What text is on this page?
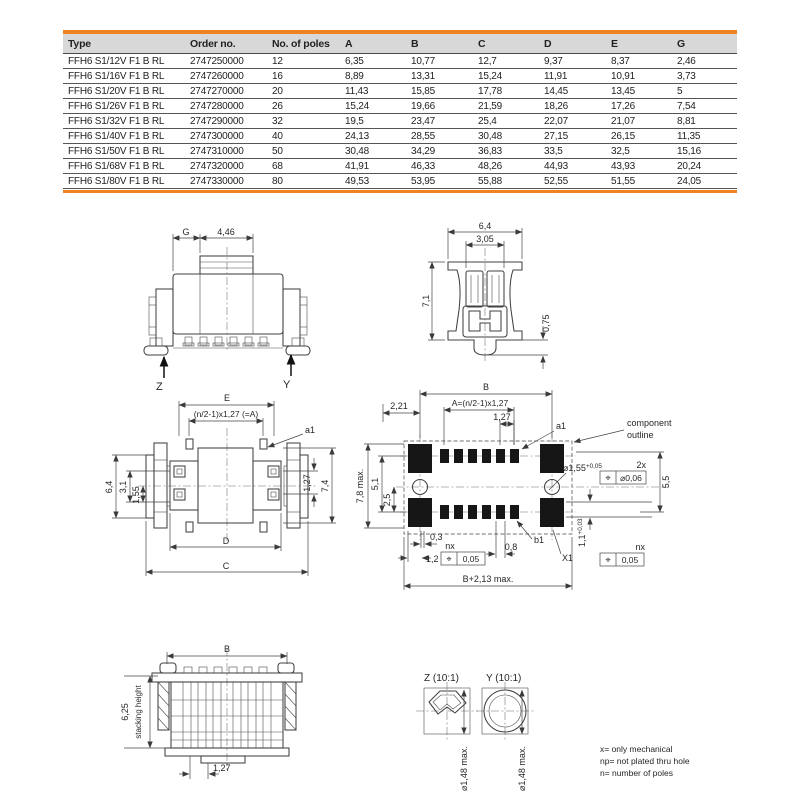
Type	Order no.	No. of poles	A	B	C	D	E	G
FFH6 S1/12V F1 B RL	2747250000	12	6,35	10,77	12,7	9,37	8,37	2,46
FFH6 S1/16V F1 B RL	2747260000	16	8,89	13,31	15,24	11,91	10,91	3,73
FFH6 S1/20V F1 B RL	2747270000	20	11,43	15,85	17,78	14,45	13,45	5
FFH6 S1/26V F1 B RL	2747280000	26	15,24	19,66	21,59	18,26	17,26	7,54
FFH6 S1/32V F1 B RL	2747290000	32	19,5	23,47	25,4	22,07	21,07	8,81
FFH6 S1/40V F1 B RL	2747300000	40	24,13	28,55	30,48	27,15	26,15	11,35
FFH6 S1/50V F1 B RL	2747310000	50	30,48	34,29	36,83	33,5	32,5	15,16
FFH6 S1/68V F1 B RL	2747320000	68	41,91	46,33	48,26	44,93	43,93	20,24
FFH6 S1/80V F1 B RL	2747330000	80	49,53	53,95	55,88	52,55	51,55	24,05
G	4,46
Z	Y
6,4
3,05
7,1
0,75
E
(n/2-1)x1,27 (=A)
a1
1,27 7,4
6,4 3,1 1,55
D
C
B
2,21	A=(n/2-1)x1,27
1,27
a1	component
outline
7,8 max. 5,1
2,5
$⌀1,55^{+0,05}$	2x
⌖ ⌀0,06 5,5
0,3
1,2
nx
⌖ 0,05
0,8
b1
X1
$1,1^{+0,03}$
nx
⌖ 0,05
B+2,13 max.
B
6,25 stacking height
1,27
Z (10:1)	Y (10:1)
⌀1,48 max.	⌀1,48 max.	x= only mechanical
np= not plated thru hole
n= number of poles
